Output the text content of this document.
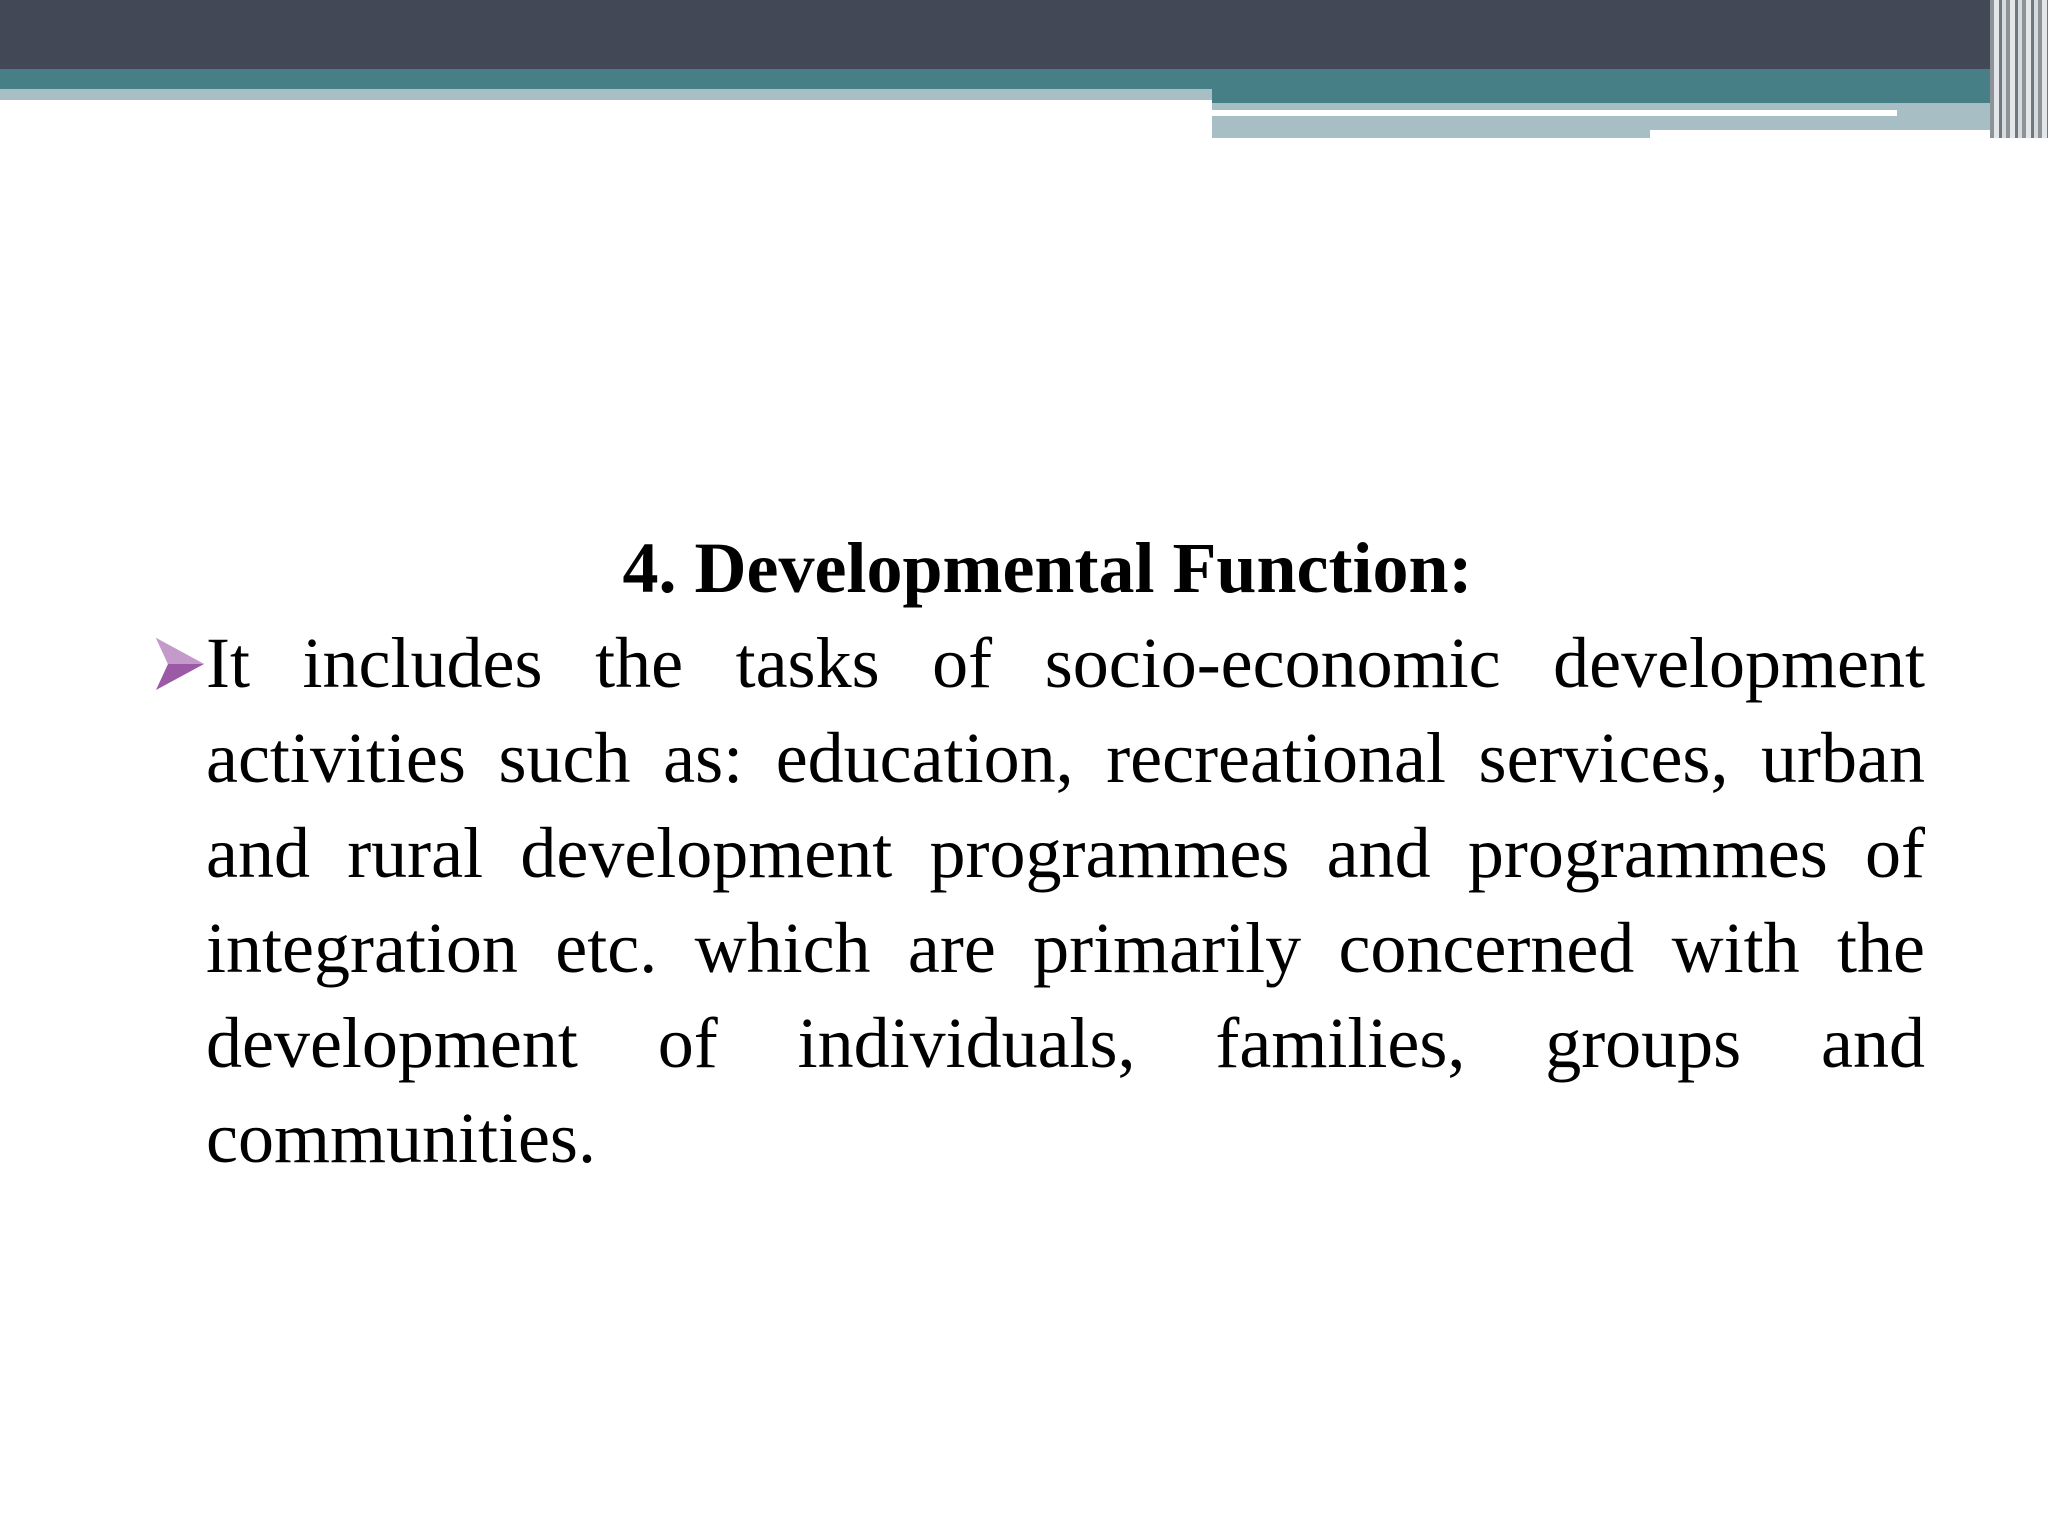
4. Developmental Function:

It includes the tasks of socio-economic development activities such as: education, recreational services, urban and rural development programmes and programmes of integration etc. which are primarily concerned with the development of individuals, families, groups and communities.
